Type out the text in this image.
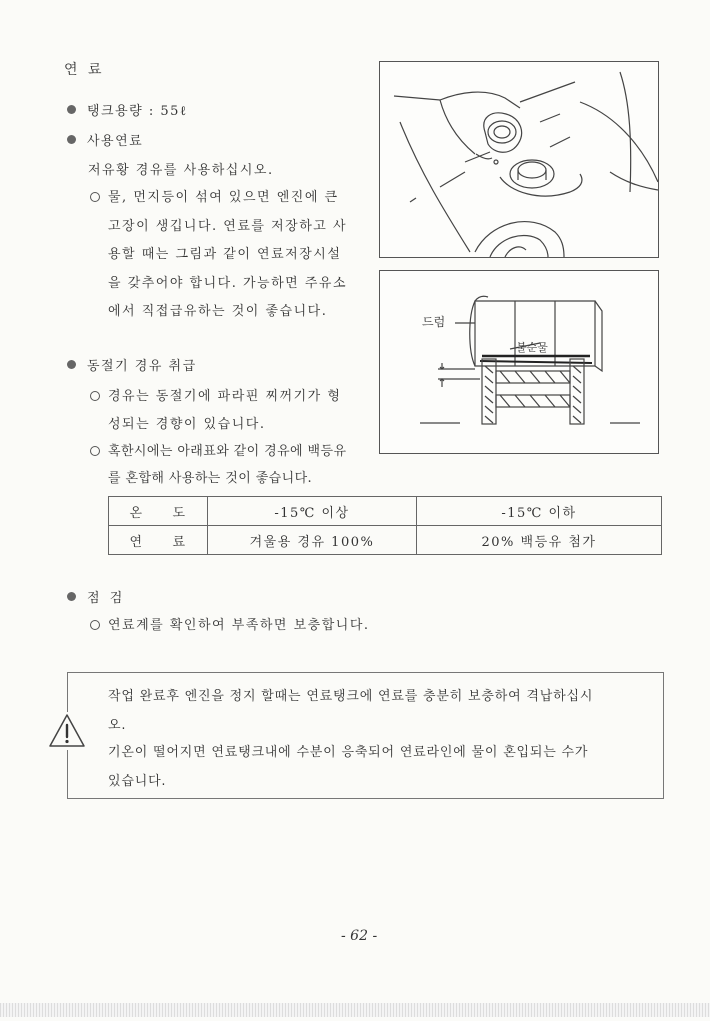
연 료
탱크용량 : 55ℓ
사용연료
저유황 경유를 사용하십시오.
물, 먼지등이 섞여 있으면 엔진에 큰
고장이 생깁니다. 연료를 저장하고 사
용할 때는 그림과 같이 연료저장시설
을 갖추어야 합니다. 가능하면 주유소
에서 직접급유하는 것이 좋습니다.
동절기 경유 취급
경유는 동절기에 파라핀 찌꺼기가 형
성되는 경향이 있습니다.
혹한시에는 아래표와 같이 경유에 백등유
를 혼합해 사용하는 것이 좋습니다.
온　　도	-15℃ 이상	-15℃ 이하
연　　료	겨울용 경유 100%	20% 백등유 첨가
점 검
연료계를 확인하여 부족하면 보충합니다.
드럼
불순물
작업 완료후 엔진을 정지 할때는 연료탱크에 연료를 충분히 보충하여 격납하십시
오.
기온이 떨어지면 연료탱크내에 수분이 응축되어 연료라인에 물이 혼입되는 수가
있습니다.
- 62 -
